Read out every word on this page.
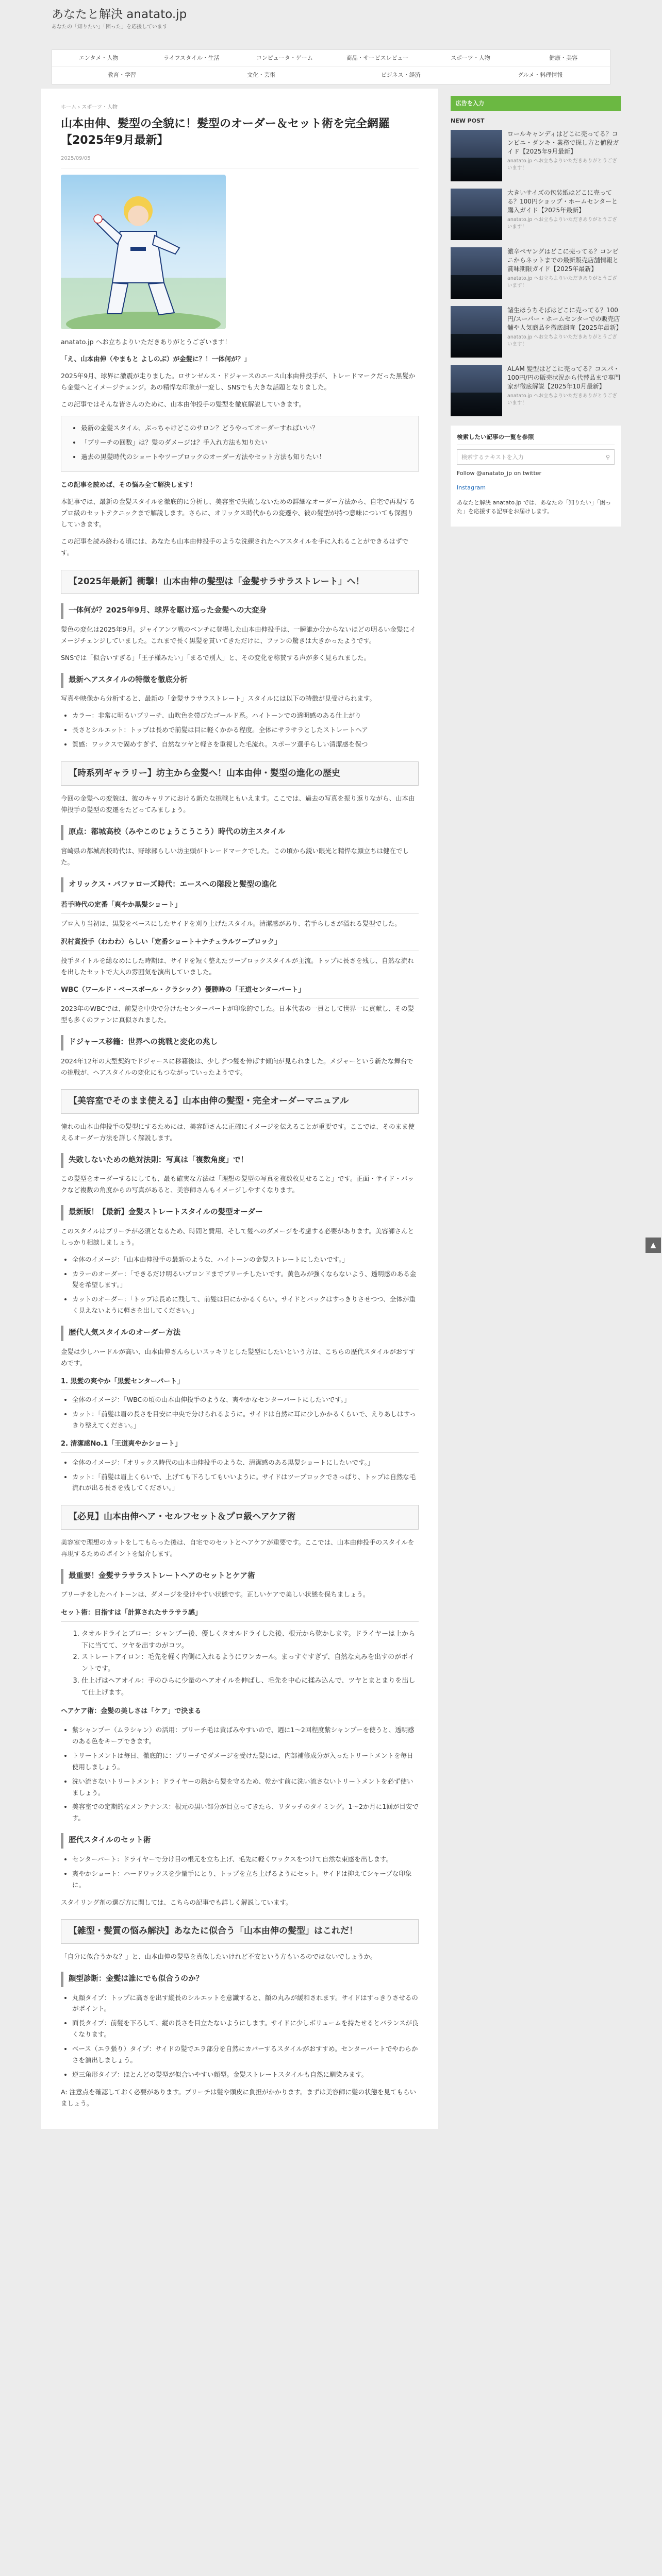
あなたと解決 anatato.jp
あなたの「知りたい」「困った」を応援しています
エンタメ・人物	ライフスタイル・生活	コンピュータ・ゲーム	商品・サービスレビュー	スポーツ・人物	健康・美容
教育・学習	文化・芸術	ビジネス・経済	グルメ・料理情報
ホーム › スポーツ・人物
山本由伸、髪型の全貌に！髪型のオーダー＆セット術を完全網羅【2025年9月最新】
2025/09/05

anatato.jp へお立ちよりいただきありがとうございます！

「え、山本由伸（やまもと よしのぶ）が金髪に？！一体何が？」

2025年9月、球界に激震が走りました。ロサンゼルス・ドジャースのエース山本由伸投手が、トレードマークだった黒髪から金髪へとイメージチェンジ。あの精悍な印象が一変し、SNSでも大きな話題となりました。

この記事ではそんな皆さんのために、山本由伸投手の髪型を徹底解説していきます。

• 最新の金髪スタイル、ぶっちゃけどこのサロン？どうやってオーダーすればいい？
• 「ブリーチの回数」は？髪のダメージは？手入れ方法も知りたい
• 過去の黒髪時代のショートやツーブロックのオーダー方法やセット方法も知りたい！

この記事を読めば、その悩み全て解決します！

本記事では、最新の金髪スタイルを徹底的に分析し、美容室で失敗しないための詳細なオーダー方法から、自宅で再現するプロ級のセットテクニックまで解説します。さらに、オリックス時代からの変遷や、彼の髪型が持つ意味についても深掘りしていきます。

この記事を読み終わる頃には、あなたも山本由伸投手のような洗練されたヘアスタイルを手に入れることができるはずです。

【2025年最新】衝撃！山本由伸の髪型は「金髪サラサラストレート」へ！
一体何が？2025年9月、球界を駆け巡った金髪への大変身

髪色の変化は2025年9月。ジャイアンツ戦のベンチに登場した山本由伸投手は、一瞬誰か分からないほどの明るい金髪にイメージチェンジしていました。これまで長く黒髪を貫いてきただけに、ファンの驚きは大きかったようです。

SNSでは「似合いすぎる」「王子様みたい」「まるで別人」と、その変化を称賛する声が多く見られました。

最新ヘアスタイルの特徴を徹底分析

写真や映像から分析すると、最新の「金髪サラサラストレート」スタイルには以下の特徴が見受けられます。

• カラー：非常に明るいブリーチ、山吹色を帯びたゴールド系。ハイトーンでの透明感のある仕上がり
• 長さとシルエット：トップは長めで前髪は目に軽くかかる程度。全体にサラサラとしたストレートヘア
• 質感：ワックスで固めすぎず、自然なツヤと軽さを重視した毛流れ。スポーツ選手らしい清潔感を保つ
【時系列ギャラリー】坊主から金髪へ！山本由伸・髪型の進化の歴史

今回の金髪への変貌は、彼のキャリアにおける新たな挑戦ともいえます。ここでは、過去の写真を振り返りながら、山本由伸投手の髪型の変遷をたどってみましょう。

原点：都城高校（みやこのじょうこうこう）時代の坊主スタイル

宮崎県の都城高校時代は、野球部らしい坊主頭がトレードマークでした。この頃から鋭い眼光と精悍な顔立ちは健在でした。

オリックス・バファローズ時代：エースへの階段と髪型の進化
若手時代の定番「爽やか黒髪ショート」

プロ入り当初は、黒髪をベースにしたサイドを刈り上げたスタイル。清潔感があり、若手らしさが溢れる髪型でした。

沢村賞投手（わわわ）らしい「定番ショート＋ナチュラルツーブロック」

投手タイトルを総なめにした時期は、サイドを短く整えたツーブロックスタイルが主流。トップに長さを残し、自然な流れを出したセットで大人の雰囲気を演出していました。

WBC（ワールド・ベースボール・クラシック）優勝時の「王道センターパート」

2023年のWBCでは、前髪を中央で分けたセンターパートが印象的でした。日本代表の一員として世界一に貢献し、その髪型も多くのファンに真似されました。

ドジャース移籍：世界への挑戦と変化の兆し

2024年12年の大型契約でドジャースに移籍後は、少しずつ髪を伸ばす傾向が見られました。メジャーという新たな舞台での挑戦が、ヘアスタイルの変化にもつながっていったようです。

【美容室でそのまま使える】山本由伸の髪型・完全オーダーマニュアル

憧れの山本由伸投手の髪型にするためには、美容師さんに正確にイメージを伝えることが重要です。ここでは、そのまま使えるオーダー方法を詳しく解説します。

失敗しないための絶対法則：写真は「複数角度」で！

この髪型をオーダーするにしても、最も確実な方法は「理想の髪型の写真を複数枚見せること」です。正面・サイド・バックなど複数の角度からの写真があると、美容師さんもイメージしやすくなります。

最新版！【最新】金髪ストレートスタイルの髪型オーダー

このスタイルはブリーチが必須となるため、時間と費用、そして髪へのダメージを考慮する必要があります。美容師さんとしっかり相談しましょう。

• 全体のイメージ：「山本由伸投手の最新のような、ハイトーンの金髪ストレートにしたいです。」
• カラーのオーダー：「できるだけ明るいブロンドまでブリーチしたいです。黄色みが強くならないよう、透明感のある金髪を希望します。」
• カットのオーダー：「トップは長めに残して、前髪は目にかかるくらい。サイドとバックはすっきりさせつつ、全体が重く見えないように軽さを出してください。」
歴代人気スタイルのオーダー方法

金髪は少しハードルが高い、山本由伸さんらしいスッキリとした髪型にしたいという方は、こちらの歴代スタイルがおすすめです。

1. 黒髪の爽やか「黒髪センターパート」
• 全体のイメージ：「WBCの頃の山本由伸投手のような、爽やかなセンターパートにしたいです。」
• カット：「前髪は眉の長さを目安に中央で分けられるように。サイドは自然に耳に少しかかるくらいで、えりあしはすっきり整えてください。」
2. 清潔感No.1「王道爽やかショート」
• 全体のイメージ：「オリックス時代の山本由伸投手のような、清潔感のある黒髪ショートにしたいです。」
• カット：「前髪は眉上くらいで、上げても下ろしてもいいように。サイドはツーブロックでさっぱり、トップは自然な毛流れが出る長さを残してください。」
【必見】山本由伸ヘア・セルフセット＆プロ級ヘアケア術

美容室で理想のカットをしてもらった後は、自宅でのセットとヘアケアが重要です。ここでは、山本由伸投手のスタイルを再現するためのポイントを紹介します。

最重要！金髪サラサラストレートヘアのセットとケア術

ブリーチをしたハイトーンは、ダメージを受けやすい状態です。正しいケアで美しい状態を保ちましょう。

セット術：目指すは「計算されたサラサラ感」
1. タオルドライとブロー：シャンプー後、優しくタオルドライした後、根元から乾かします。ドライヤーは上から下に当てて、ツヤを出すのがコツ。
2. ストレートアイロン：毛先を軽く内側に入れるようにワンカール。まっすぐすぎず、自然な丸みを出すのがポイントです。
3. 仕上げはヘアオイル：手のひらに少量のヘアオイルを伸ばし、毛先を中心に揉み込んで、ツヤとまとまりを出して仕上げます。
ヘアケア術：金髪の美しさは「ケア」で決まる
• 紫シャンプー（ムラシャン）の活用：ブリーチ毛は黄ばみやすいので、週に1〜2回程度紫シャンプーを使うと、透明感のある色をキープできます。
• トリートメントは毎日、徹底的に：ブリーチでダメージを受けた髪には、内部補修成分が入ったトリートメントを毎日使用しましょう。
• 洗い流さないトリートメント：ドライヤーの熱から髪を守るため、乾かす前に洗い流さないトリートメントを必ず使いましょう。
• 美容室での定期的なメンテナンス：根元の黒い部分が目立ってきたら、リタッチのタイミング。1〜2か月に1回が目安です。
歴代スタイルのセット術
• センターパート：ドライヤーで分け目の根元を立ち上げ、毛先に軽くワックスをつけて自然な束感を出します。
• 爽やかショート：ハードワックスを少量手にとり、トップを立ち上げるようにセット。サイドは抑えてシャープな印象に。

スタイリング剤の選び方に関しては、こちらの記事でも詳しく解説しています。

【雑型・髪質の悩み解決】あなたに似合う「山本由伸の髪型」はこれだ！

「自分に似合うかな？」と、山本由伸の髪型を真似したいけれど不安という方もいるのではないでしょうか。

顔型診断：金髪は誰にでも似合うのか？
• 丸顔タイプ：トップに高さを出す縦長のシルエットを意識すると、顔の丸みが緩和されます。サイドはすっきりさせるのがポイント。
• 面長タイプ：前髪を下ろして、縦の長さを目立たないようにします。サイドに少しボリュームを持たせるとバランスが良くなります。
• ベース（エラ張り）タイプ：サイドの髪でエラ部分を自然にカバーするスタイルがおすすめ。センターパートでやわらかさを演出しましょう。
• 逆三角形タイプ：ほとんどの髪型が似合いやすい顔型。金髪ストレートスタイルも自然に馴染みます。

A: 注意点を確認しておく必要があります。ブリーチは髪や頭皮に負担がかかります。まずは美容師に髪の状態を見てもらいましょう。

広告を入力
NEW POST
ロールキャンディはどこに売ってる？コンビニ・ダンキ・業務で探し方と値段ガイド【2025年9月最新】
anatato.jp へお立ちよりいただきありがとうございます！
大きいサイズの包装紙はどこに売ってる？100円ショップ・ホームセンターと購入ガイド【2025年最新】
anatato.jp へお立ちよりいただきありがとうございます！
激辛ペヤングはどこに売ってる？コンビニからネットまでの最新販売店舗情報と賞味期限ガイド【2025年最新】
anatato.jp へお立ちよりいただきありがとうございます！
諸生ほうちそばはどこに売ってる？100円/スーパー・ホームセンターでの販売店舗や人気商品を徹底調査【2025年最新】
anatato.jp へお立ちよりいただきありがとうございます！
ALAM 髪型はどこに売ってる？コスパ・100円/円の販売状況から代替品まで専門家が徹底解説【2025年10月最新】
anatato.jp へお立ちよりいただきありがとうございます！
検索したい記事の一覧を参照
検索するテキストを入力	⚲
Follow @anatato_jp on twitter
Instagram
あなたと解決 anatato.jp では、あなたの「知りたい」「困った」を応援する記事をお届けします。
▲
